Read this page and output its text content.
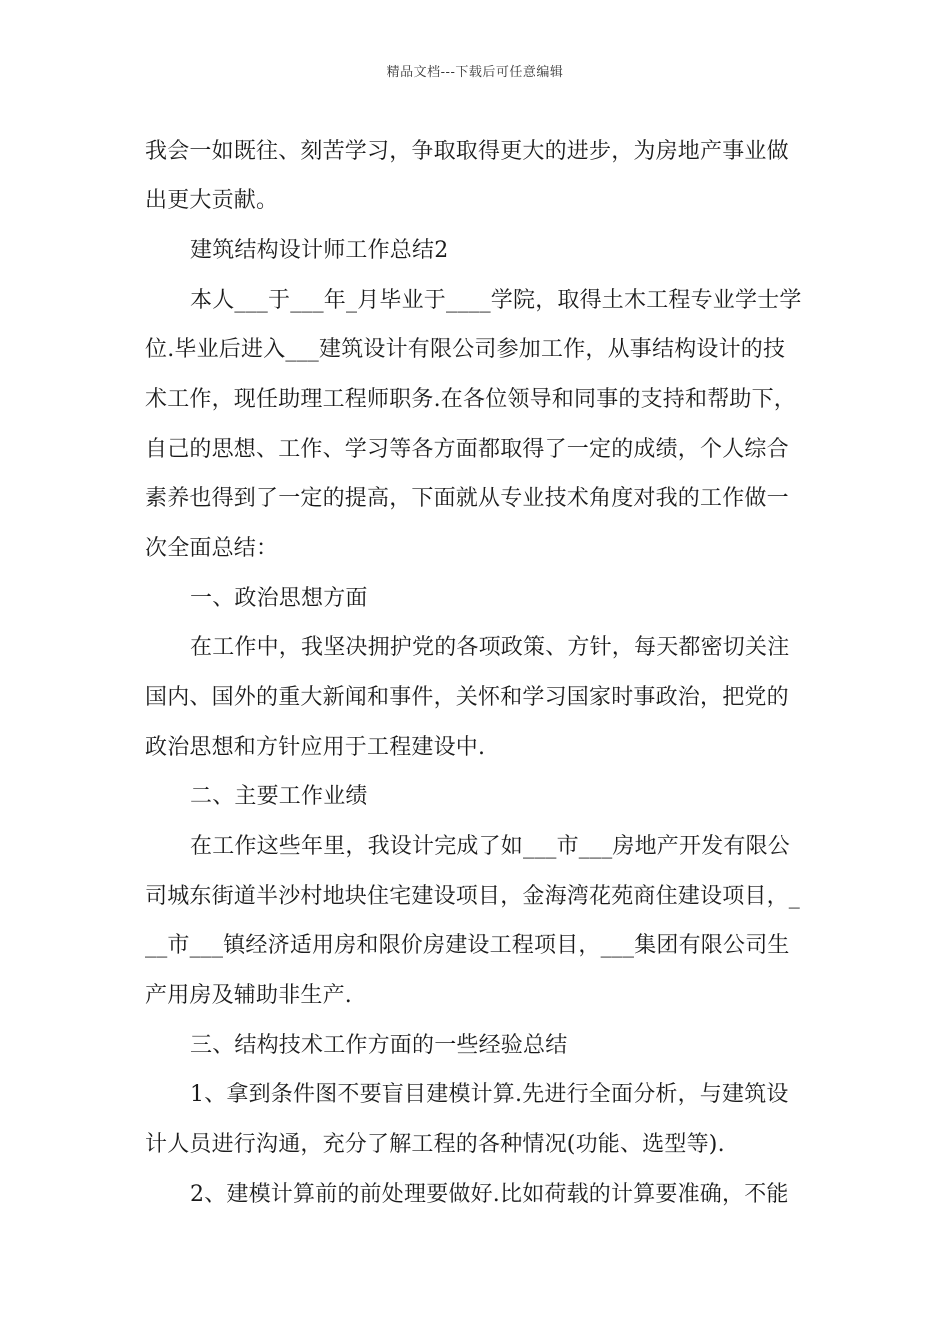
精品文档---下载后可任意编辑
我会一如既往、刻苦学习，争取取得更大的进步，为房地产事业做
出更大贡献。
建筑结构设计师工作总结2
本人___于___年_月毕业于____学院，取得土木工程专业学士学
位.毕业后进入___建筑设计有限公司参加工作，从事结构设计的技
术工作，现任助理工程师职务.在各位领导和同事的支持和帮助下，
自己的思想、工作、学习等各方面都取得了一定的成绩，个人综合
素养也得到了一定的提高，下面就从专业技术角度对我的工作做一
次全面总结：
一、政治思想方面
在工作中，我坚决拥护党的各项政策、方针，每天都密切关注
国内、国外的重大新闻和事件，关怀和学习国家时事政治，把党的
政治思想和方针应用于工程建设中.
二、主要工作业绩
在工作这些年里，我设计完成了如___市___房地产开发有限公
司城东街道半沙村地块住宅建设项目，金海湾花苑商住建设项目，_
__市___镇经济适用房和限价房建设工程项目，___集团有限公司生
产用房及辅助非生产.
三、结构技术工作方面的一些经验总结
1、拿到条件图不要盲目建模计算.先进行全面分析，与建筑设
计人员进行沟通，充分了解工程的各种情况(功能、选型等).
2、建模计算前的前处理要做好.比如荷载的计算要准确，不能
